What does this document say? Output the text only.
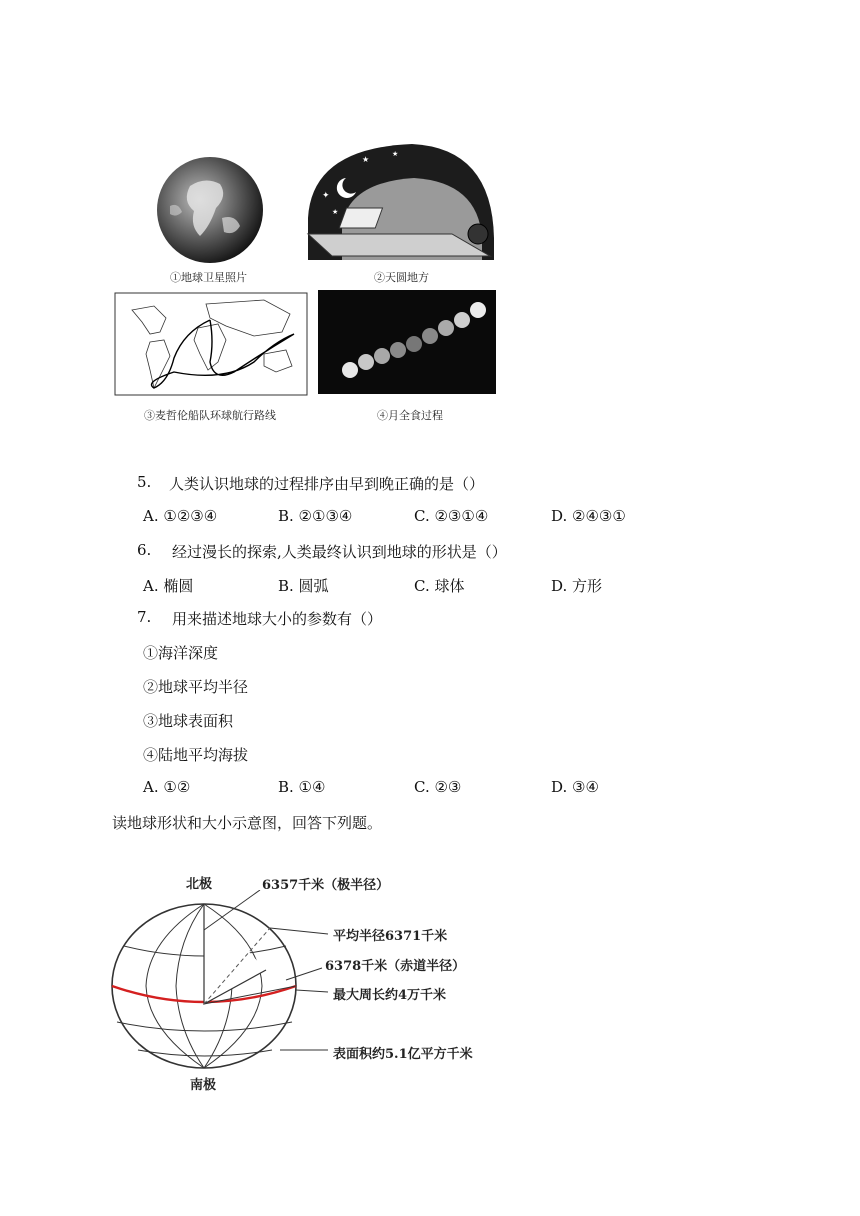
①地球卫星照片
✦
★
★
★
②天圆地方
③麦哲伦船队环球航行路线	④月全食过程
5. 人类认识地球的过程排序由早到晚正确的是（）
A. ①②③④	B. ②①③④	C. ②③①④	D. ②④③①
6. 经过漫长的探索,人类最终认识到地球的形状是（）
A. 椭圆	B. 圆弧	C. 球体	D. 方形
7. 用来描述地球大小的参数有（）
①海洋深度
②地球平均半径
③地球表面积
④陆地平均海拔
A. ①②	B. ①④	C. ②③	D. ③④
读地球形状和大小示意图，回答下列题。
北极
南极
6357千米（极半径）
平均半径6371千米
6378千米（赤道半径）
最大周长约4万千米
表面积约5.1亿平方千米
